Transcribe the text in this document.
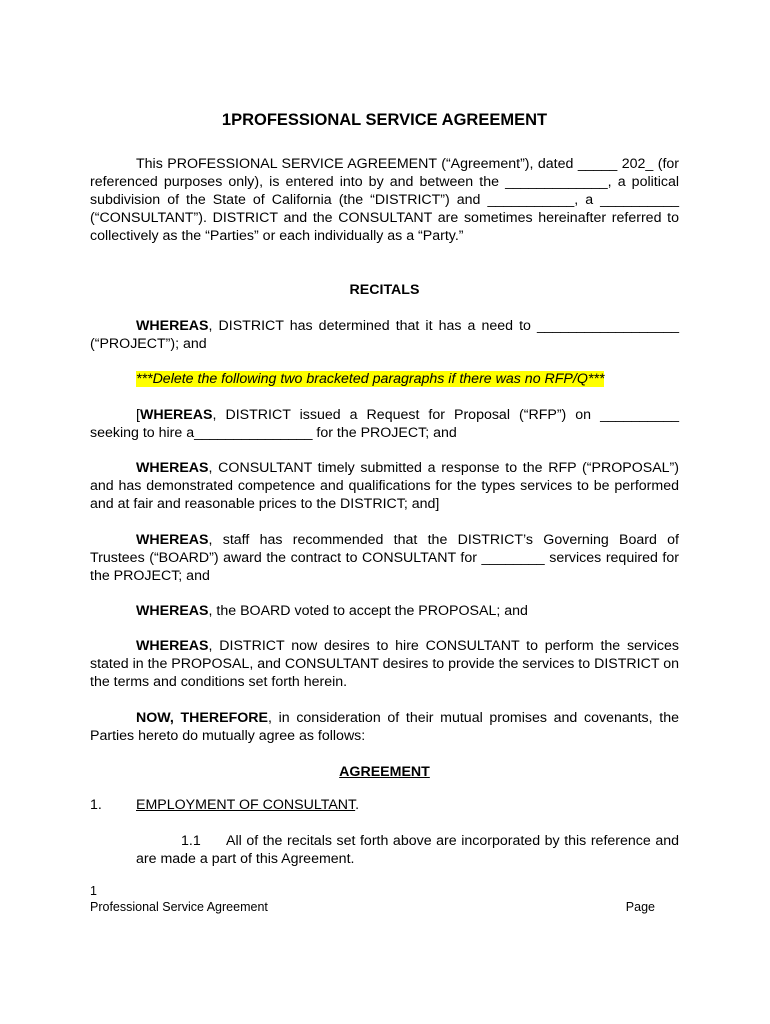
1PROFESSIONAL SERVICE AGREEMENT

This PROFESSIONAL SERVICE AGREEMENT (“Agreement”), dated _____ 202_ (for referenced purposes only), is entered into by and between the _____________, a political subdivision of the State of California (the “DISTRICT”) and ___________, a __________ (“CONSULTANT”). DISTRICT and the CONSULTANT are sometimes hereinafter referred to collectively as the “Parties” or each individually as a “Party.”

RECITALS

WHEREAS, DISTRICT has determined that it has a need to __________________ (“PROJECT”); and

***Delete the following two bracketed paragraphs if there was no RFP/Q***

[WHEREAS, DISTRICT issued a Request for Proposal (“RFP”) on __________ seeking to hire a_______________ for the PROJECT; and

WHEREAS, CONSULTANT timely submitted a response to the RFP (“PROPOSAL”) and has demonstrated competence and qualifications for the types services to be performed and at fair and reasonable prices to the DISTRICT; and]

WHEREAS, staff has recommended that the DISTRICT’s Governing Board of Trustees (“BOARD”) award the contract to CONSULTANT for ________ services required for the PROJECT; and

WHEREAS, the BOARD voted to accept the PROPOSAL; and

WHEREAS, DISTRICT now desires to hire CONSULTANT to perform the services stated in the PROPOSAL, and CONSULTANT desires to provide the services to DISTRICT on the terms and conditions set forth herein.

NOW, THEREFORE, in consideration of their mutual promises and covenants, the Parties hereto do mutually agree as follows:

AGREEMENT
1. EMPLOYMENT OF CONSULTANT.

1.1 All of the recitals set forth above are incorporated by this reference and are made a part of this Agreement.

1
Professional Service Agreement	Page
